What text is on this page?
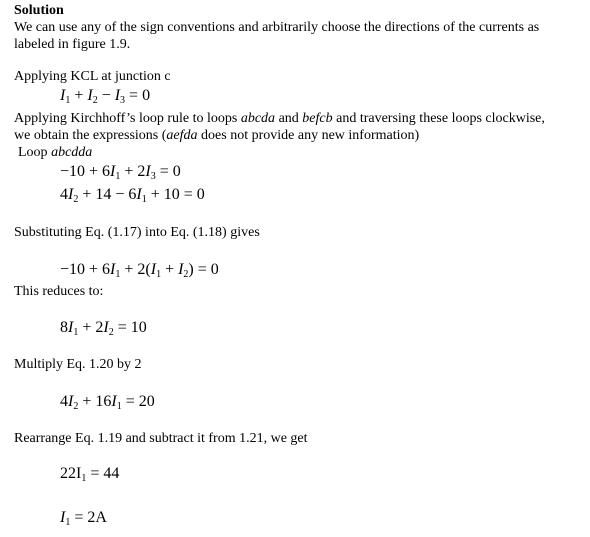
Solution
We can use any of the sign conventions and arbitrarily choose the directions of the currents as
labeled in figure 1.9.
Applying KCL at junction c
$I_1 + I_2 - I_3 = 0$
Applying Kirchhoff’s loop rule to loops abcda and befcb and traversing these loops clockwise,
we obtain the expressions (aefda does not provide any new information)
Loop abcdda
$-10 + 6I_1 + 2I_3 = 0$
$4I_2 + 14 - 6I_1 + 10 = 0$
Substituting Eq. (1.17) into Eq. (1.18) gives
$-10 + 6I_1 + 2(I_1 + I_2) = 0$
This reduces to:
$8I_1 + 2I_2 = 10$
Multiply Eq. 1.20 by 2
$4I_2 + 16I_1 = 20$
Rearrange Eq. 1.19 and subtract it from 1.21, we get
$22I_1 = 44$
$I_1 = 2A$
